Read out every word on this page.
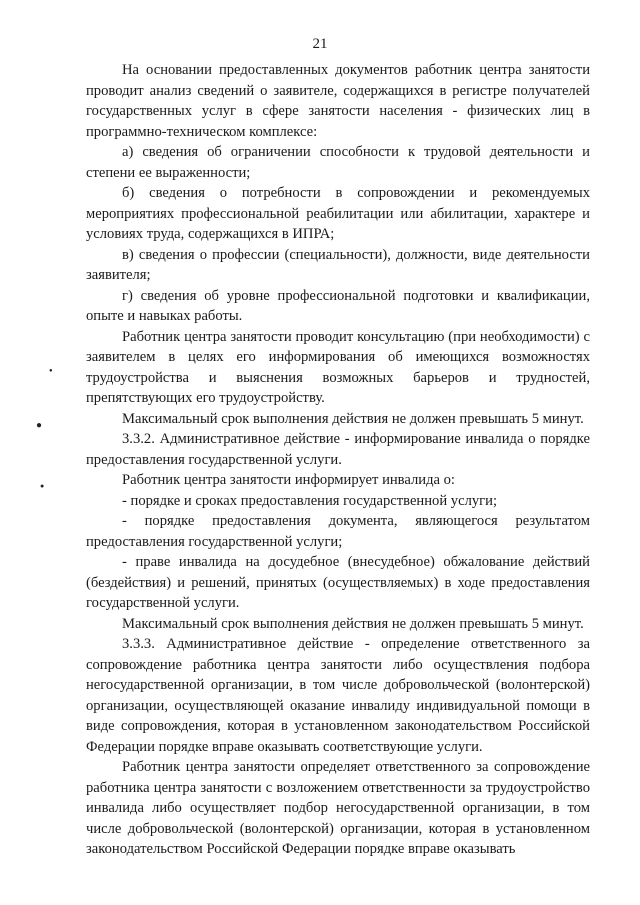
21
●
●
●

На основании предоставленных документов работник центра занятости проводит анализ сведений о заявителе, содержащихся в регистре получателей государственных услуг в сфере занятости населения - физических лиц в программно-техническом комплексе:

а) сведения об ограничении способности к трудовой деятельности и степени ее выраженности;

б) сведения о потребности в сопровождении и рекомендуемых мероприятиях профессиональной реабилитации или абилитации, характере и условиях труда, содержащихся в ИПРА;

в) сведения о профессии (специальности), должности, виде деятельности заявителя;

г) сведения об уровне профессиональной подготовки и квалификации, опыте и навыках работы.

Работник центра занятости проводит консультацию (при необходимости) с заявителем в целях его информирования об имеющихся возможностях трудоустройства и выяснения возможных барьеров и трудностей, препятствующих его трудоустройству.

Максимальный срок выполнения действия не должен превышать 5 минут.

3.3.2. Административное действие - информирование инвалида о порядке предоставления государственной услуги.

Работник центра занятости информирует инвалида о:

- порядке и сроках предоставления государственной услуги;

- порядке предоставления документа, являющегося результатом предоставления государственной услуги;

- праве инвалида на досудебное (внесудебное) обжалование действий (бездействия) и решений, принятых (осуществляемых) в ходе предоставления государственной услуги.

Максимальный срок выполнения действия не должен превышать 5 минут.

3.3.3. Административное действие - определение ответственного за сопровождение работника центра занятости либо осуществления подбора негосударственной организации, в том числе добровольческой (волонтерской) организации, осуществляющей оказание инвалиду индивидуальной помощи в виде сопровождения, которая в установленном законодательством Российской Федерации порядке вправе оказывать соответствующие услуги.

Работник центра занятости определяет ответственного за сопровождение работника центра занятости с возложением ответственности за трудоустройство инвалида либо осуществляет подбор негосударственной организации, в том числе добровольческой (волонтерской) организации, которая в установленном законодательством Российской Федерации порядке вправе оказывать
